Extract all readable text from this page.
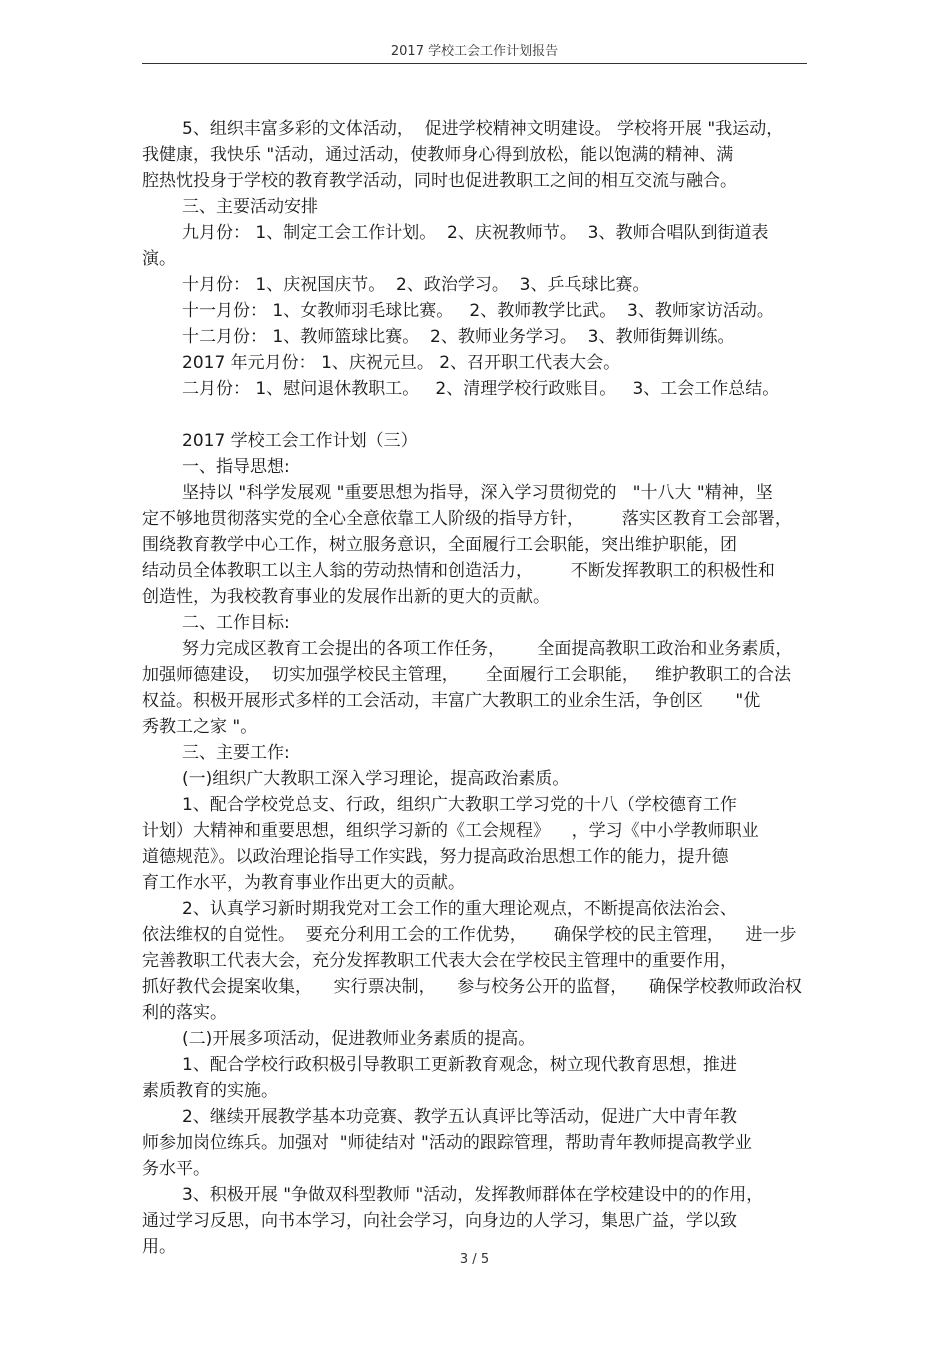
2017 学校工会工作计划报告
5、组织丰富多彩的文体活动，  促进学校精神文明建设。 学校将开展 "我运动，
我健康，我快乐 "活动，通过活动，使教师身心得到放松，能以饱满的精神、满
腔热忱投身于学校的教育教学活动，同时也促进教职工之间的相互交流与融合。
三、主要活动安排
九月份： 1、制定工会工作计划。  2、庆祝教师节。  3、教师合唱队到街道表
演。
十月份： 1、庆祝国庆节。  2、政治学习。  3、乒乓球比赛。
十一月份： 1、女教师羽毛球比赛。   2、教师教学比武。  3、教师家访活动。
十二月份： 1、教师篮球比赛。  2、教师业务学习。  3、教师街舞训练。
2017 年元月份： 1、庆祝元旦。 2、召开职工代表大会。
二月份： 1、慰问退休教职工。   2、清理学校行政账目。   3、工会工作总结。
2017 学校工会工作计划（三）
一、指导思想:
坚持以 "科学发展观 "重要思想为指导，深入学习贯彻党的   "十八大 "精神，坚
定不够地贯彻落实党的全心全意依靠工人阶级的指导方针，       落实区教育工会部署，
围绕教育教学中心工作，树立服务意识，全面履行工会职能，突出维护职能，团
结动员全体教职工以主人翁的劳动热情和创造活力，       不断发挥教职工的积极性和
创造性，为我校教育事业的发展作出新的更大的贡献。
二、工作目标:
努力完成区教育工会提出的各项工作任务，      全面提高教职工政治和业务素质，
加强师德建设，  切实加强学校民主管理，     全面履行工会职能，   维护教职工的合法
权益。积极开展形式多样的工会活动，丰富广大教职工的业余生活，争创区      "优
秀教工之家 "。
三、主要工作:
(一)组织广大教职工深入学习理论，提高政治素质。
1、配合学校党总支、行政，组织广大教职工学习党的十八（学校德育工作
计划）大精神和重要思想，组织学习新的《工会规程》    ，学习《中小学教师职业
道德规范》。以政治理论指导工作实践，努力提高政治思想工作的能力，提升德
育工作水平，为教育事业作出更大的贡献。
2、认真学习新时期我党对工会工作的重大理论观点，不断提高依法治会、
依法维权的自觉性。  要充分利用工会的工作优势，     确保学校的民主管理，    进一步
完善教职工代表大会，充分发挥教职工代表大会在学校民主管理中的重要作用，
抓好教代会提案收集，    实行票决制，    参与校务公开的监督，    确保学校教师政治权
利的落实。
(二)开展多项活动，促进教师业务素质的提高。
1、配合学校行政积极引导教职工更新教育观念，树立现代教育思想，推进
素质教育的实施。
2、继续开展教学基本功竞赛、教学五认真评比等活动，促进广大中青年教
师参加岗位练兵。加强对  "师徒结对 "活动的跟踪管理，帮助青年教师提高教学业
务水平。
3、积极开展 "争做双科型教师 "活动，发挥教师群体在学校建设中的的作用，
通过学习反思，向书本学习，向社会学习，向身边的人学习，集思广益，学以致
用。
3 / 5
